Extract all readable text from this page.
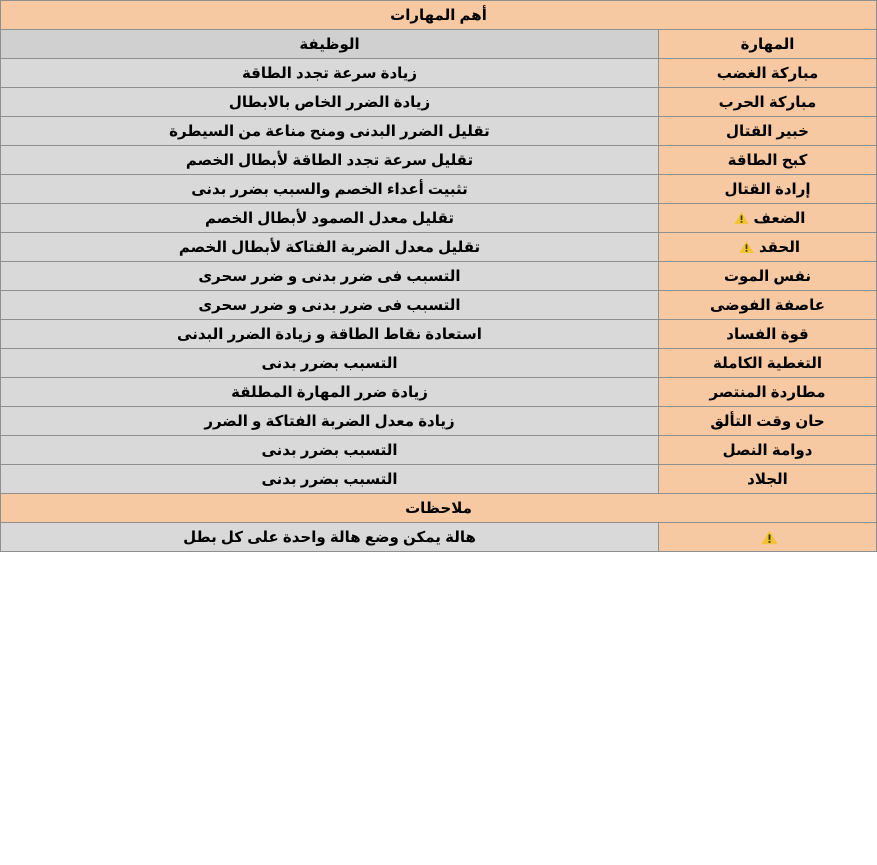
أهم المهارات	
المهارة	الوظيفة
مباركة الغضب	زيادة سرعة تجدد الطاقة
مباركة الحرب	زيادة الضرر الخاص بالابطال
خبير القتال	تقليل الضرر البدنى ومنح مناعة من السيطرة
كبح الطاقة	تقليل سرعة تجدد الطاقة لأبطال الخصم
إرادة القتال	تثبيت أعداء الخصم والسبب بضرر بدنى

الضعف	تقليل معدل الصمود لأبطال الخصم

الحقد	تقليل معدل الضربة الفتاكة لأبطال الخصم
نفس الموت	التسبب فى ضرر بدنى و ضرر سحرى
عاصفة الفوضى	التسبب فى ضرر بدنى و ضرر سحرى
قوة الفساد	استعادة نقاط الطاقة و زيادة الضرر البدنى
التغطية الكاملة	التسبب بضرر بدنى
مطاردة المنتصر	زيادة ضرر المهارة المطلقة
حان وقت التألق	زيادة معدل الضربة الفتاكة و الضرر
دوامة النصل	التسبب بضرر بدنى
الجلاد	التسبب بضرر بدنى
ملاحظات	

	هالة يمكن وضع هالة واحدة على كل بطل
